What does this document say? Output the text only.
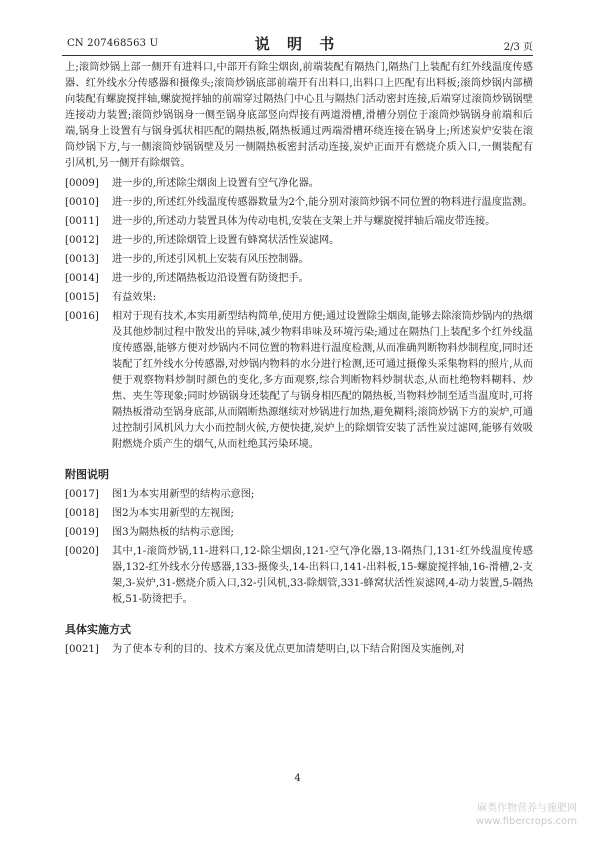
CN 207468563 U	说 明 书	2/3 页

上;滚筒炒锅上部一侧开有进料口,中部开有除尘烟囱,前端装配有隔热门,隔热门上装配有红外线温度传感器、红外线水分传感器和摄像头;滚筒炒锅底部前端开有出料口,出料口上匹配有出料板;滚筒炒锅内部横向装配有螺旋搅拌轴,螺旋搅拌轴的前端穿过隔热门中心且与隔热门活动密封连接,后端穿过滚筒炒锅锅壁连接动力装置;滚筒炒锅锅身一侧至锅身底部竖向焊接有两道滑槽,滑槽分别位于滚筒炒锅锅身前端和后端,锅身上设置有与锅身弧状相匹配的隔热板,隔热板通过两端滑槽环绕连接在锅身上;所述炭炉安装在滚筒炒锅下方,与一侧滚筒炒锅锅壁及另一侧隔热板密封活动连接,炭炉正面开有燃烧介质入口,一侧装配有引风机,另一侧开有除烟管。

[0009]	进一步的,所述除尘烟囱上设置有空气净化器。
[0010]	进一步的,所述红外线温度传感器数量为2个,能分别对滚筒炒锅不同位置的物料进行温度监测。
[0011]	进一步的,所述动力装置具体为传动电机,安装在支架上并与螺旋搅拌轴后端皮带连接。
[0012]	进一步的,所述除烟管上设置有蜂窝状活性炭滤网。
[0013]	进一步的,所述引风机上安装有风压控制器。
[0014]	进一步的,所述隔热板边沿设置有防烫把手。
[0015]	有益效果:
[0016]	相对于现有技术,本实用新型结构简单,使用方便;通过设置除尘烟囱,能够去除滚筒炒锅内的热烟及其他炒制过程中散发出的异味,减少物料串味及环境污染;通过在隔热门上装配多个红外线温度传感器,能够方便对炒锅内不同位置的物料进行温度检测,从而准确判断物料炒制程度,同时还装配了红外线水分传感器,对炒锅内物料的水分进行检测,还可通过摄像头采集物料的照片,从而便于观察物料炒制时颜色的变化,多方面观察,综合判断物料炒制状态,从而杜绝物料糊料、炒焦、夹生等现象;同时炒锅锅身还装配了与锅身相匹配的隔热板,当物料炒制至适当温度时,可将隔热板滑动至锅身底部,从而隔断热源继续对炒锅进行加热,避免糊料;滚筒炒锅下方的炭炉,可通过控制引风机风力大小而控制火候,方便快捷,炭炉上的除烟管安装了活性炭过滤网,能够有效吸附燃烧介质产生的烟气,从而杜绝其污染环境。
附图说明
[0017]	图1为本实用新型的结构示意图;
[0018]	图2为本实用新型的左视图;
[0019]	图3为隔热板的结构示意图;
[0020]	其中,1-滚筒炒锅,11-进料口,12-除尘烟囱,121-空气净化器,13-隔热门,131-红外线温度传感器,132-红外线水分传感器,133-摄像头,14-出料口,141-出料板,15-螺旋搅拌轴,16-滑槽,2-支架,3-炭炉,31-燃烧介质入口,32-引风机,33-除烟管,331-蜂窝状活性炭滤网,4-动力装置,5-隔热板,51-防烫把手。
具体实施方式
[0021]	为了使本专利的目的、技术方案及优点更加清楚明白,以下结合附图及实施例,对
4
麻类作物营养与施肥网
www.fibercrops.com
